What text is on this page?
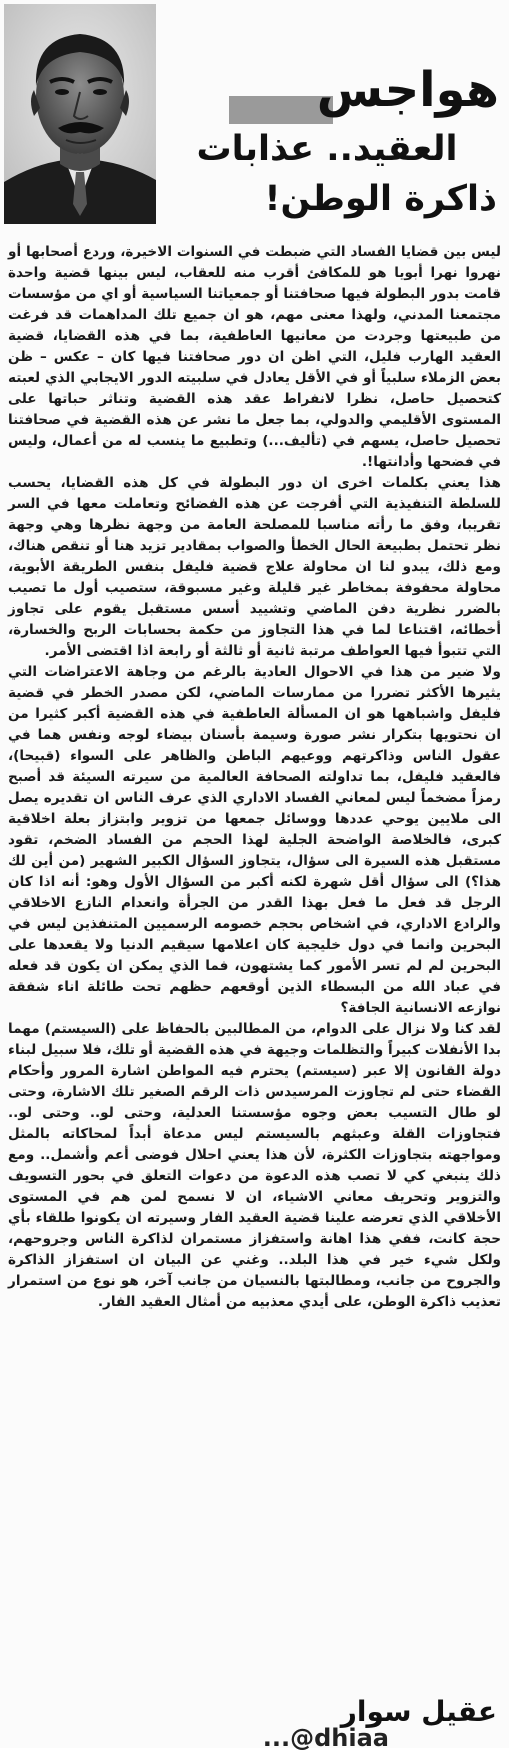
هواجس
العقيد.. عذابات
ذاكرة الوطن!

ليس بين قضايا الفساد التي ضبطت في السنوات الاخيرة، وردع أصحابها أو نهروا نهرا أبويا هو للمكافئ أقرب منه للعقاب، ليس بينها قضية واحدة قامت بدور البطولة فيها صحافتنا أو جمعياتنا السياسية أو اي من مؤسسات مجتمعنا المدني، ولهذا معنى مهم، هو ان جميع تلك المداهمات قد فرغت من طبيعتها وجردت من معانيها العاطفية، بما في هذه القضايا، قضية العقيد الهارب فليل، التي اظن ان دور صحافتنا فيها كان – عكس – ظن بعض الزملاء سلبياً أو في الأقل يعادل في سلبيته الدور الايجابي الذي لعبته كتحصيل حاصل، نظرا لانفراط عقد هذه القضية وتناثر حباتها على المستوى الأقليمي والدولي، بما جعل ما نشر عن هذه القضية في صحافتنا تحصيل حاصل، يسهم في (تأليف...) وتطبيع ما ينسب له من أعمال، وليس في فضحها وأدانتها!.

هذا يعني بكلمات اخرى ان دور البطولة في كل هذه القضايا، يحسب للسلطة التنفيذية التي أفرجت عن هذه الفضائح وتعاملت معها في السر تقريبا، وفق ما رأته مناسبا للمصلحة العامة من وجهة نظرها وهي وجهة نظر تحتمل بطبيعة الحال الخطأ والصواب بمقادير تزيد هنا أو تنقص هناك، ومع ذلك، يبدو لنا ان محاولة علاج قضية فليفل بنفس الطريقة الأبوية، محاولة محفوفة بمخاطر غير قليلة وغير مسبوقة، ستصيب أول ما تصيب بالضرر نظرية دفن الماضي وتشييد أسس مستقبل يقوم على تجاوز أخطائه، اقتناعا لما في هذا التجاوز من حكمة بحسابات الربح والخسارة، التي تتبوأ فيها العواطف مرتبة ثانية أو ثالثة أو رابعة اذا اقتضى الأمر.

ولا ضير من هذا في الاحوال العادية بالرغم من وجاهة الاعتراضات التي يثيرها الأكثر تضررا من ممارسات الماضي، لكن مصدر الخطر في قضية فليفل واشباهها هو ان المسألة العاطفية في هذه القضية أكبر كثيرا من ان نحتويها بتكرار نشر صورة وسيمة بأسنان بيضاء لوجه ونفس هما في عقول الناس وذاكرتهم ووعيهم الباطن والظاهر على السواء (قبيحا)، فالعقيد فليفل، بما تداولته الصحافة العالمية من سيرته السيئة قد أصبح رمزاً مضخماً ليس لمعاني الفساد الاداري الذي عرف الناس ان تقديره يصل الى ملايين يوحي عددها ووسائل جمعها من تزوير وابتزاز بعلة اخلاقية كبرى، فالخلاصة الواضحة الجلية لهذا الحجم من الفساد الضخم، تقود مستقبل هذه السيرة الى سؤال، يتجاوز السؤال الكبير الشهير (من أين لك هذا؟) الى سؤال أقل شهرة لكنه أكبر من السؤال الأول وهو: أنه اذا كان الرجل قد فعل ما فعل بهذا القدر من الجرأة وانعدام النازع الاخلاقي والرادع الاداري، في اشخاص بحجم خصومه الرسميين المتنفذين ليس في البحرين وانما في دول خليجية كان اعلامها سيقيم الدنيا ولا يقعدها على البحرين لم لم تسر الأمور كما يشتهون، فما الذي يمكن ان يكون قد فعله في عباد الله من البسطاء الذين أوقعهم حظهم تحت طائلة اناء شفقة نوازعه الانسانية الجافة؟

لقد كنا ولا نزال على الدوام، من المطالبين بالحفاظ على (السيستم) مهما بدا الأنفلات كبيراً والتظلمات وجيهة في هذه القضية أو تلك، فلا سبيل لبناء دولة القانون إلا عبر (سيستم) يحترم فيه المواطن اشارة المرور وأحكام القضاء حتى لم تجاوزت المرسيدس ذات الرقم الصغير تلك الاشارة، وحتى لو طال التسيب بعض وجوه مؤسستنا العدلية، وحتى لو.. وحتى لو.. فتجاوزات القلة وعبثهم بالسيستم ليس مدعاة أبداً لمحاكاته بالمثل ومواجهته بتجاوزات الكثرة، لأن هذا يعني احلال فوضى أعم وأشمل.. ومع ذلك ينبغي كي لا تصب هذه الدعوة من دعوات التعلق في بحور التسويف والتزوير وتحريف معاني الاشياء، ان لا نسمح لمن هم في المستوى الأخلاقي الذي تعرضه علينا قضية العقيد الفار وسيرته ان يكونوا طلقاء بأي حجة كانت، ففي هذا اهانة واستفزاز مستمران لذاكرة الناس وجروحهم، ولكل شيء خير في هذا البلد.. وغني عن البيان ان استفزاز الذاكرة والجروح من جانب، ومطالبتها بالنسيان من جانب آخر، هو نوع من استمرار تعذيب ذاكرة الوطن، على أيدي معذبيه من أمثال العقيد الفار.

عقيل سوار
dhiaa@...
